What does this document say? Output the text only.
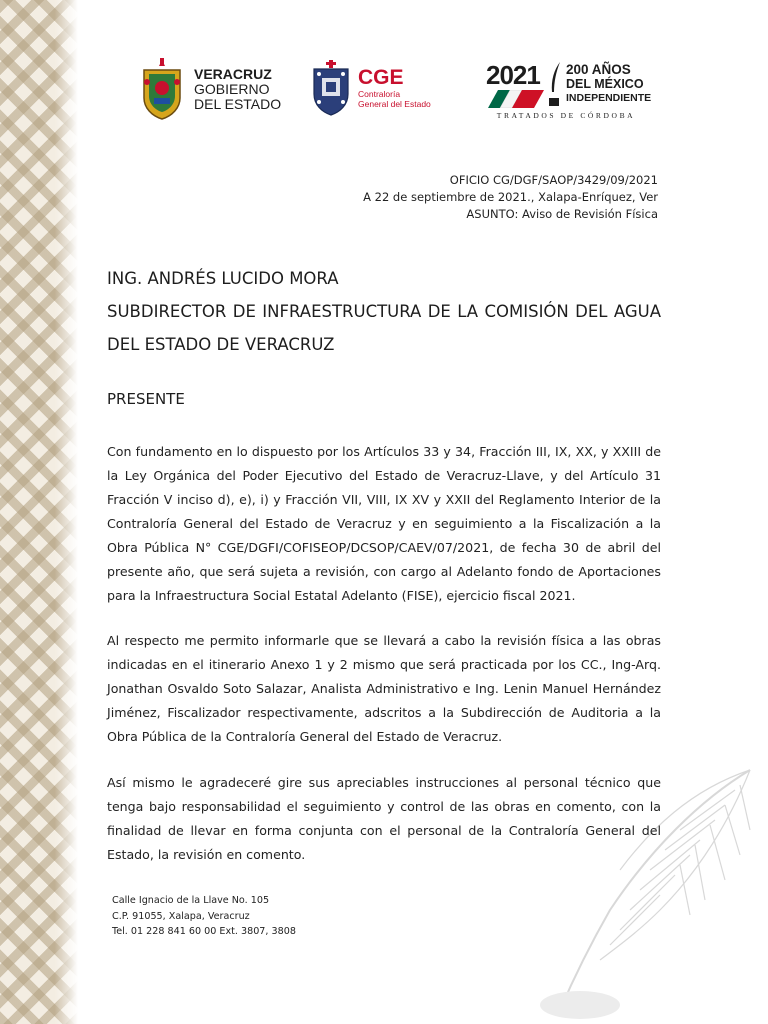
VERACRUZ
GOBIERNO
DEL ESTADO
CGE
Contraloría
General del Estado
2021 200 AÑOS
DEL MÉXICO
INDEPENDIENTE
TRATADOS DE CÓRDOBA
OFICIO CG/DGF/SAOP/3429/09/2021
A 22 de septiembre de 2021., Xalapa-Enríquez, Ver
ASUNTO: Aviso de Revisión Física
ING. ANDRÉS LUCIDO MORA
SUBDIRECTOR DE INFRAESTRUCTURA DE LA COMISIÓN DEL AGUA DEL ESTADO DE VERACRUZ
PRESENTE
Con fundamento en lo dispuesto por los Artículos 33 y 34, Fracción III, IX, XX, y XXIII de la Ley Orgánica del Poder Ejecutivo del Estado de Veracruz-Llave, y del Artículo 31 Fracción V inciso d), e), i) y Fracción VII, VIII, IX XV y XXII del Reglamento Interior de la Contraloría General del Estado de Veracruz y en seguimiento a la Fiscalización a la Obra Pública N° CGE/DGFI/COFISEOP/DCSOP/CAEV/07/2021, de fecha 30 de abril del presente año, que será sujeta a revisión, con cargo al Adelanto fondo de Aportaciones para la Infraestructura Social Estatal Adelanto (FISE), ejercicio fiscal 2021.
Al respecto me permito informarle que se llevará a cabo la revisión física a las obras indicadas en el itinerario Anexo 1 y 2 mismo que será practicada por los CC., Ing-Arq. Jonathan Osvaldo Soto Salazar, Analista Administrativo e Ing. Lenin Manuel Hernández Jiménez, Fiscalizador respectivamente, adscritos a la Subdirección de Auditoria a la Obra Pública de la Contraloría General del Estado de Veracruz.
Así mismo le agradeceré gire sus apreciables instrucciones al personal técnico que tenga bajo responsabilidad el seguimiento y control de las obras en comento, con la finalidad de llevar en forma conjunta con el personal de la Contraloría General del Estado, la revisión en comento.
Calle Ignacio de la Llave No. 105
C.P. 91055, Xalapa, Veracruz
Tel. 01 228 841 60 00 Ext. 3807, 3808
